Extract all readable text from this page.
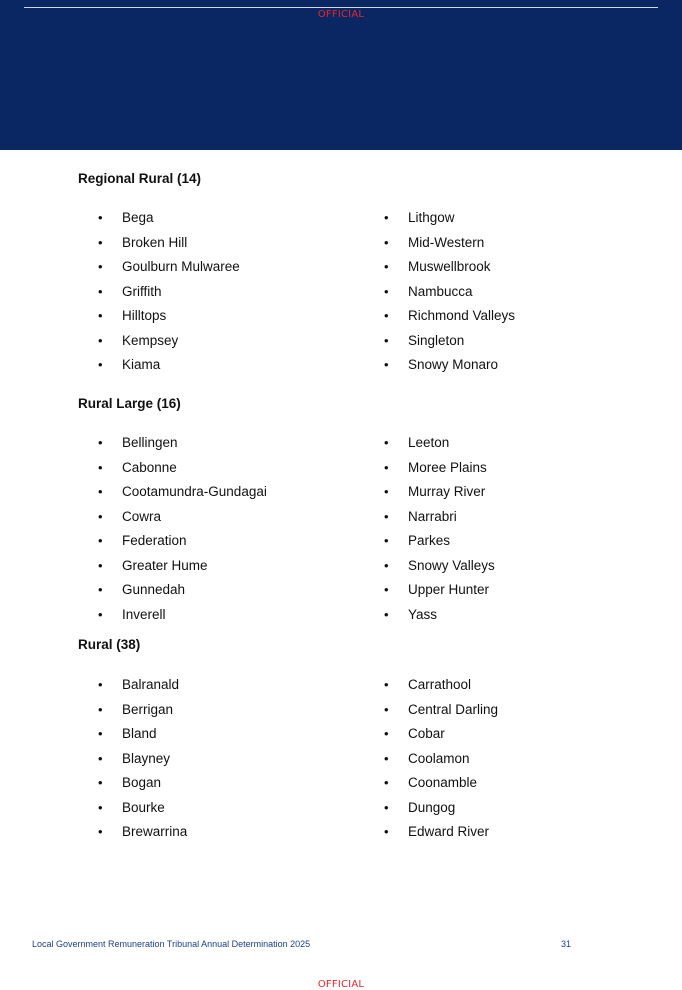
OFFICIAL
Regional Rural (14)
• Bega
• Broken Hill
• Goulburn Mulwaree
• Griffith
• Hilltops
• Kempsey
• Kiama
• Lithgow
• Mid-Western
• Muswellbrook
• Nambucca
• Richmond Valleys
• Singleton
• Snowy Monaro
Rural Large (16)
• Bellingen
• Cabonne
• Cootamundra-Gundagai
• Cowra
• Federation
• Greater Hume
• Gunnedah
• Inverell
• Leeton
• Moree Plains
• Murray River
• Narrabri
• Parkes
• Snowy Valleys
• Upper Hunter
• Yass
Rural (38)
• Balranald
• Berrigan
• Bland
• Blayney
• Bogan
• Bourke
• Brewarrina
• Carrathool
• Central Darling
• Cobar
• Coolamon
• Coonamble
• Dungog
• Edward River
Local Government Remuneration Tribunal Annual Determination 2025	31
OFFICIAL
